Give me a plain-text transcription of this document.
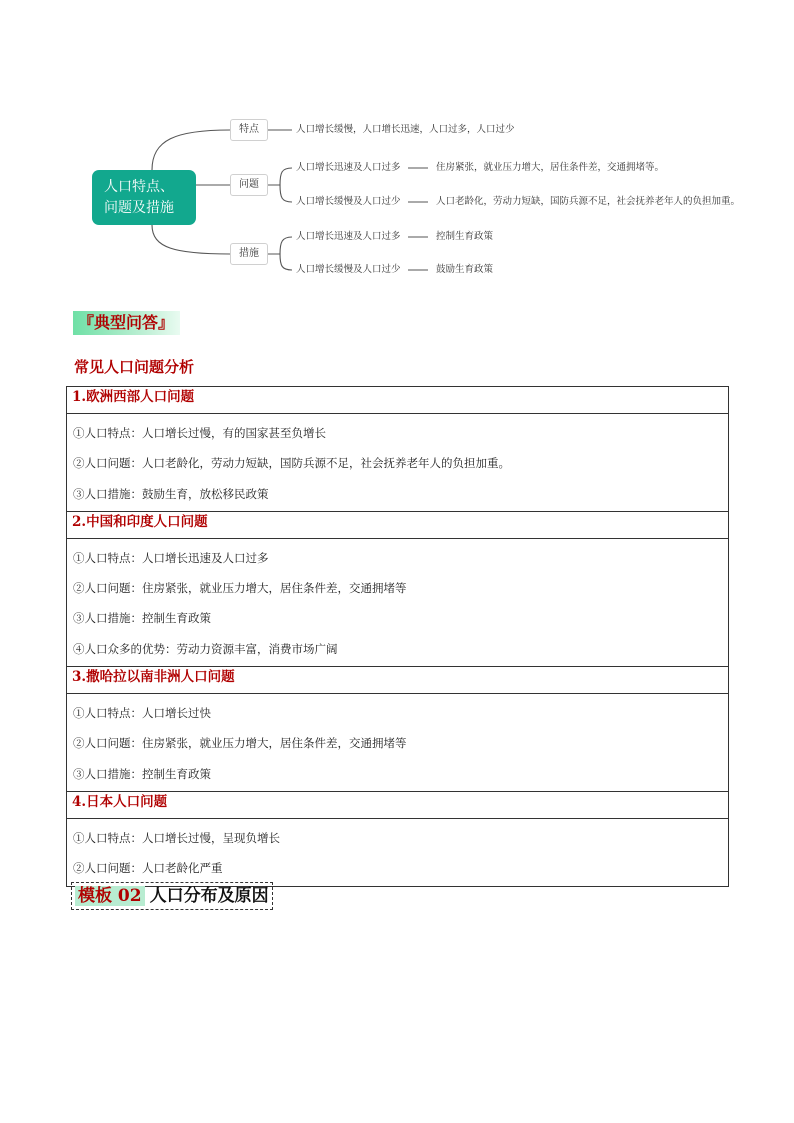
人口特点、
问题及措施
特点
问题
措施
人口增长缓慢，人口增长迅速，人口过多，人口过少
人口增长迅速及人口过多	住房紧张，就业压力增大，居住条件差，交通拥堵等。
人口增长缓慢及人口过少	人口老龄化，劳动力短缺，国防兵源不足，社会抚养老年人的负担加重。
人口增长迅速及人口过多	控制生育政策
人口增长缓慢及人口过少	鼓励生育政策
『典型问答』
常见人口问题分析
1.欧洲西部人口问题
①人口特点：人口增长过慢，有的国家甚至负增长
②人口问题：人口老龄化，劳动力短缺，国防兵源不足，社会抚养老年人的负担加重。
③人口措施：鼓励生育，放松移民政策
2.中国和印度人口问题
①人口特点：人口增长迅速及人口过多
②人口问题：住房紧张，就业压力增大，居住条件差，交通拥堵等
③人口措施：控制生育政策
④人口众多的优势：劳动力资源丰富，消费市场广阔
3.撒哈拉以南非洲人口问题
①人口特点：人口增长过快
②人口问题：住房紧张，就业压力增大，居住条件差，交通拥堵等
③人口措施：控制生育政策
4.日本人口问题
①人口特点：人口增长过慢，呈现负增长
②人口问题：人口老龄化严重
模板 02 人口分布及原因
